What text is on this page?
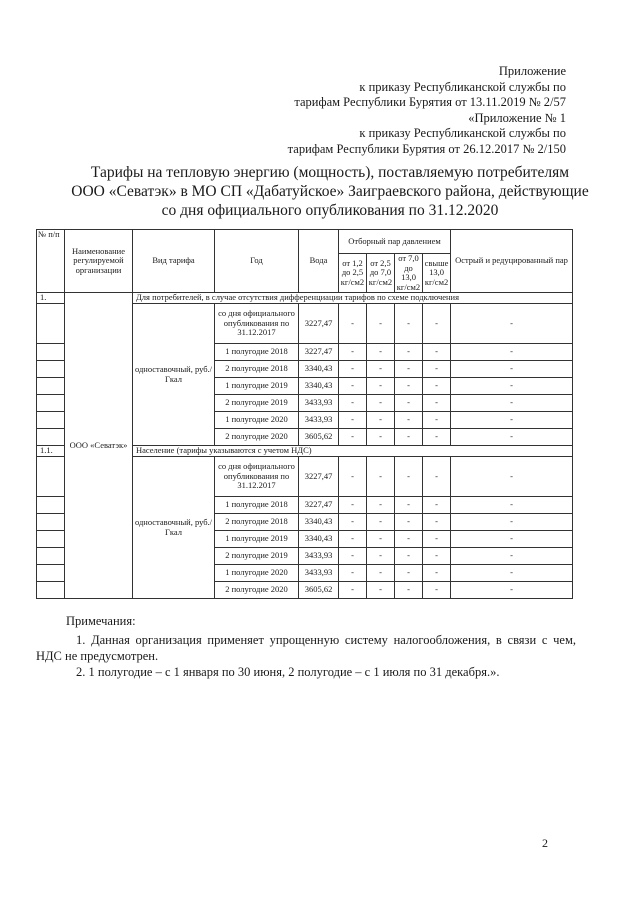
Приложение
к приказу Республиканской службы по
тарифам Республики Бурятия от 13.11.2019 № 2/57
«Приложение № 1
к приказу Республиканской службы по
тарифам Республики Бурятия от 26.12.2017 № 2/150
Тарифы на тепловую энергию (мощность), поставляемую потребителям
ООО «Севатэк» в МО СП «Дабатуйское» Заиграевского района, действующие
со дня официального опубликования по 31.12.2020
№ п/п	Наименование регулируемой организации	Вид тарифа	Год	Вода	Отборный пар давлением				Острый и редуцированный пар
					от 1,2 до 2,5 кг/см2	от 2,5 до 7,0 кг/см2	от 7,0 до 13,0 кг/см2	свыше 13,0 кг/см2	
1.	ООО «Севатэк»	Для потребителей, в случае отсутствия дифференциации тарифов по схеме подключения							
		одноставочный, руб./Гкал	со дня официального опубликования по 31.12.2017	3227,47	-	-	-	-	-
			1 полугодие 2018	3227,47	-	-	-	-	-
			2 полугодие 2018	3340,43	-	-	-	-	-
			1 полугодие 2019	3340,43	-	-	-	-	-
			2 полугодие 2019	3433,93	-	-	-	-	-
			1 полугодие 2020	3433,93	-	-	-	-	-
			2 полугодие 2020	3605,62	-	-	-	-	-
1.1.		Население (тарифы указываются с учетом НДС)							
		одноставочный, руб./Гкал	со дня официального опубликования по 31.12.2017	3227,47	-	-	-	-	-
			1 полугодие 2018	3227,47	-	-	-	-	-
			2 полугодие 2018	3340,43	-	-	-	-	-
			1 полугодие 2019	3340,43	-	-	-	-	-
			2 полугодие 2019	3433,93	-	-	-	-	-
			1 полугодие 2020	3433,93	-	-	-	-	-
			2 полугодие 2020	3605,62	-	-	-	-	-
Примечания:
1. Данная организация применяет упрощенную систему налогообложения, в связи с чем, НДС не предусмотрен.
2. 1 полугодие – с 1 января по 30 июня, 2 полугодие – с 1 июля по 31 декабря.».
2
